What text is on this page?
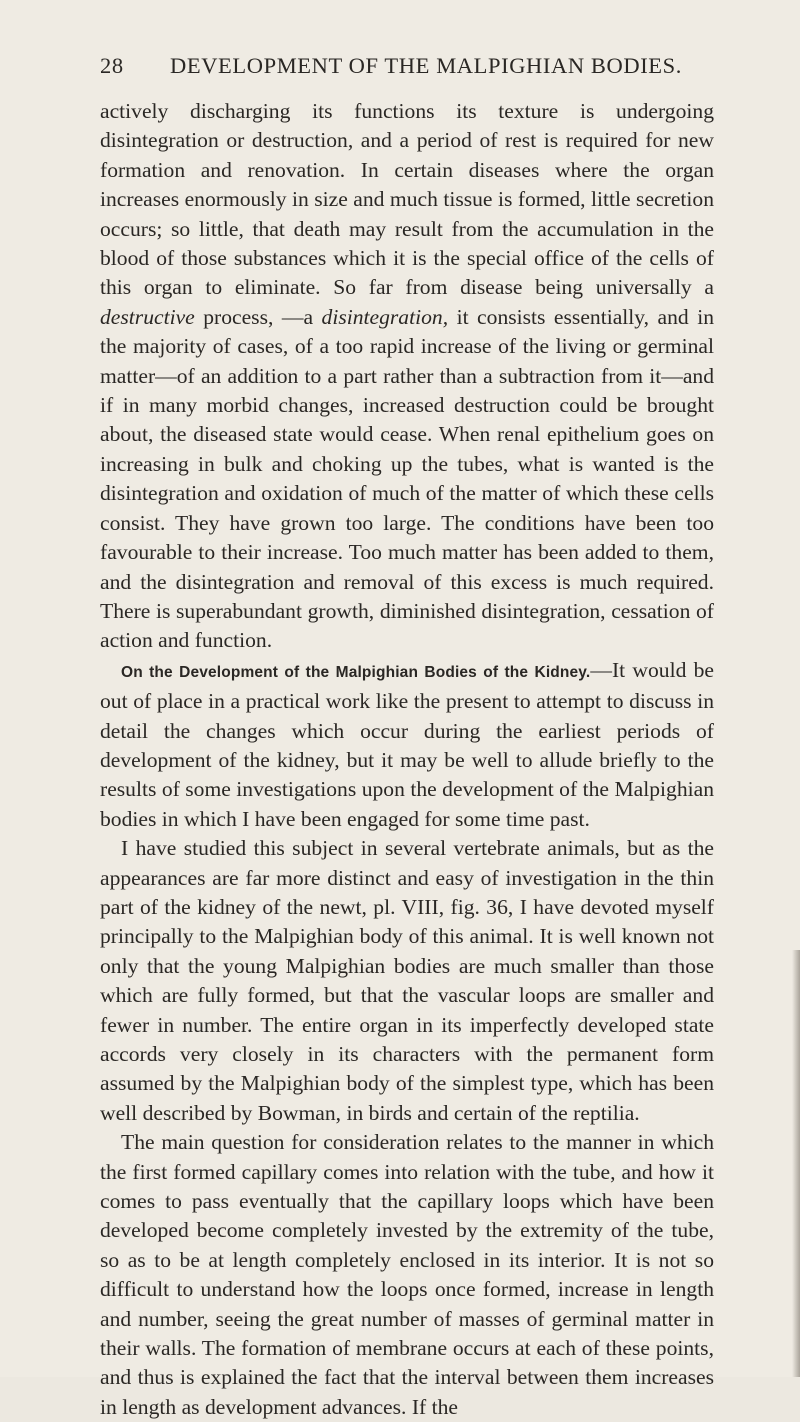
28 DEVELOPMENT OF THE MALPIGHIAN BODIES.

actively discharging its functions its texture is undergoing disintegration or destruction, and a period of rest is required for new formation and renovation. In certain diseases where the organ increases enormously in size and much tissue is formed, little secretion occurs; so little, that death may result from the accumulation in the blood of those substances which it is the special office of the cells of this organ to eliminate. So far from disease being universally a destructive process, —a disintegration, it consists essentially, and in the majority of cases, of a too rapid increase of the living or germinal matter—of an addition to a part rather than a subtraction from it—and if in many morbid changes, increased destruction could be brought about, the diseased state would cease. When renal epithelium goes on increasing in bulk and choking up the tubes, what is wanted is the disintegration and oxidation of much of the matter of which these cells consist. They have grown too large. The conditions have been too favourable to their increase. Too much matter has been added to them, and the disintegration and removal of this excess is much required. There is superabundant growth, diminished disintegration, cessation of action and function.

On the Development of the Malpighian Bodies of the Kidney.—It would be out of place in a practical work like the present to attempt to discuss in detail the changes which occur during the earliest periods of development of the kidney, but it may be well to allude briefly to the results of some investigations upon the development of the Malpighian bodies in which I have been engaged for some time past.

I have studied this subject in several vertebrate animals, but as the appearances are far more distinct and easy of investigation in the thin part of the kidney of the newt, pl. VIII, fig. 36, I have devoted myself principally to the Malpighian body of this animal. It is well known not only that the young Malpighian bodies are much smaller than those which are fully formed, but that the vascular loops are smaller and fewer in number. The entire organ in its imperfectly developed state accords very closely in its characters with the permanent form assumed by the Malpighian body of the simplest type, which has been well described by Bowman, in birds and certain of the reptilia.

The main question for consideration relates to the manner in which the first formed capillary comes into relation with the tube, and how it comes to pass eventually that the capillary loops which have been developed become completely invested by the extremity of the tube, so as to be at length completely enclosed in its interior. It is not so difficult to understand how the loops once formed, increase in length and number, seeing the great number of masses of germinal matter in their walls. The formation of membrane occurs at each of these points, and thus is explained the fact that the interval between them increases in length as development advances. If the
